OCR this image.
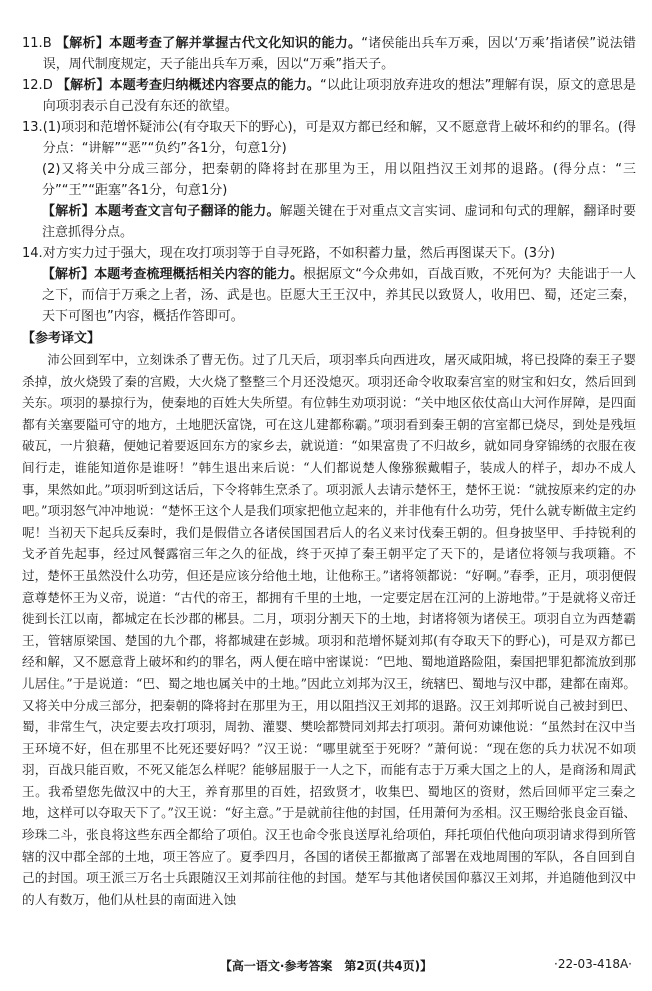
11. B 【解析】本题考查了解并掌握古代文化知识的能力。“诸侯能出兵车万乘，因以‘万乘’指诸侯”说法错误，周代制度规定，天子能出兵车万乘，因以“万乘”指天子。
12. D 【解析】本题考查归纳概述内容要点的能力。“以此让项羽放弃进攻的想法”理解有误，原文的意思是向项羽表示自己没有东还的欲望。
13. (1)项羽和范增怀疑沛公(有夺取天下的野心)，可是双方都已经和解，又不愿意背上破坏和约的罪名。(得分点：“讲解”“恶”“负约”各1分，句意1分)
(2)又将关中分成三部分，把秦朝的降将封在那里为王，用以阻挡汉王刘邦的退路。(得分点：“三分”“王”“距塞”各1分，句意1分)
【解析】本题考查文言句子翻译的能力。解题关键在于对重点文言实词、虚词和句式的理解，翻译时要注意抓得分点。
14. 对方实力过于强大，现在攻打项羽等于自寻死路，不如积蓄力量，然后再图谋天下。(3分)
【解析】本题考查梳理概括相关内容的能力。根据原文“今众弗如，百战百败，不死何为？夫能诎于一人之下，而信于万乘之上者，汤、武是也。臣愿大王王汉中，养其民以致贤人，收用巴、蜀，还定三秦，天下可图也”内容，概括作答即可。
【参考译文】

沛公回到军中，立刻诛杀了曹无伤。过了几天后，项羽率兵向西进攻，屠灭咸阳城，将已投降的秦王子婴杀掉，放火烧毁了秦的宫殿，大火烧了整整三个月还没熄灭。项羽还命令收取秦宫室的财宝和妇女，然后回到关东。项羽的暴掠行为，使秦地的百姓大失所望。有位韩生劝项羽说：“关中地区依仗高山大河作屏障，是四面都有关塞要隘可守的地方，土地肥沃富饶，可在这儿建都称霸。”项羽看到秦王朝的宫室都已烧尽，到处是残垣破瓦，一片狼藉，便她记着要返回东方的家乡去，就说道：“如果富贵了不归故乡，就如同身穿锦绣的衣服在夜间行走，谁能知道你是谁呀！”韩生退出来后说：“人们都说楚人像猕猴戴帽子，装成人的样子，却办不成人事，果然如此。”项羽听到这话后，下令将韩生烹杀了。项羽派人去请示楚怀王，楚怀王说：“就按原来约定的办吧。”项羽怒气冲冲地说：“楚怀王这个人是我们项家把他立起来的，并非他有什么功劳，凭什么就专断做主定约呢！当初天下起兵反秦时，我们是假借立各诸侯国国君后人的名义来讨伐秦王朝的。但身披坚甲、手持锐利的戈矛首先起事，经过风餐露宿三年之久的征战，终于灭掉了秦王朝平定了天下的，是诸位将领与我项籍。不过，楚怀王虽然没什么功劳，但还是应该分给他土地，让他称王。”诸将领都说：“好啊。”春季，正月，项羽便假意尊楚怀王为义帝，说道：“古代的帝王，都拥有千里的土地，一定要定居在江河的上游地带。”于是就将义帝迁徙到长江以南，都城定在长沙郡的郴县。二月，项羽分割天下的土地，封诸将领为诸侯王。项羽自立为西楚霸王，管辖原梁国、楚国的九个郡，将都城建在彭城。项羽和范增怀疑刘邦(有夺取天下的野心)，可是双方都已经和解，又不愿意背上破坏和约的罪名，两人便在暗中密谋说：“巴地、蜀地道路险阻，秦国把罪犯都流放到那儿居住。”于是说道：“巴、蜀之地也属关中的土地。”因此立刘邦为汉王，统辖巴、蜀地与汉中郡，建都在南郑。又将关中分成三部分，把秦朝的降将封在那里为王，用以阻挡汉王刘邦的退路。汉王刘邦听说自己被封到巴、蜀，非常生气，决定要去攻打项羽，周勃、灌婴、樊哙都赞同刘邦去打项羽。萧何劝谏他说：“虽然封在汉中当王环境不好，但在那里不比死还要好吗？”汉王说：“哪里就至于死呀？”萧何说：“现在您的兵力状况不如项羽，百战只能百败，不死又能怎么样呢？能够屈服于一人之下，而能有志于万乘大国之上的人，是商汤和周武王。我希望您先做汉中的大王，养育那里的百姓，招致贤才，收集巴、蜀地区的资财，然后回师平定三秦之地，这样可以夺取天下了。”汉王说：“好主意。”于是就前往他的封国，任用萧何为丞相。汉王赐给张良金百镒、珍珠二斗，张良将这些东西全都给了项伯。汉王也命令张良送厚礼给项伯，拜托项伯代他向项羽请求得到所管辖的汉中郡全部的土地，项王答应了。夏季四月，各国的诸侯王都撤离了部署在戏地周围的军队，各自回到自己的封国。项王派三万名士兵跟随汉王刘邦前往他的封国。楚军与其他诸侯国仰慕汉王刘邦，并追随他到汉中的人有数万，他们从杜县的南面进入蚀

【高一语文·参考答案　第2页(共4页)】	·22-03-418A·
